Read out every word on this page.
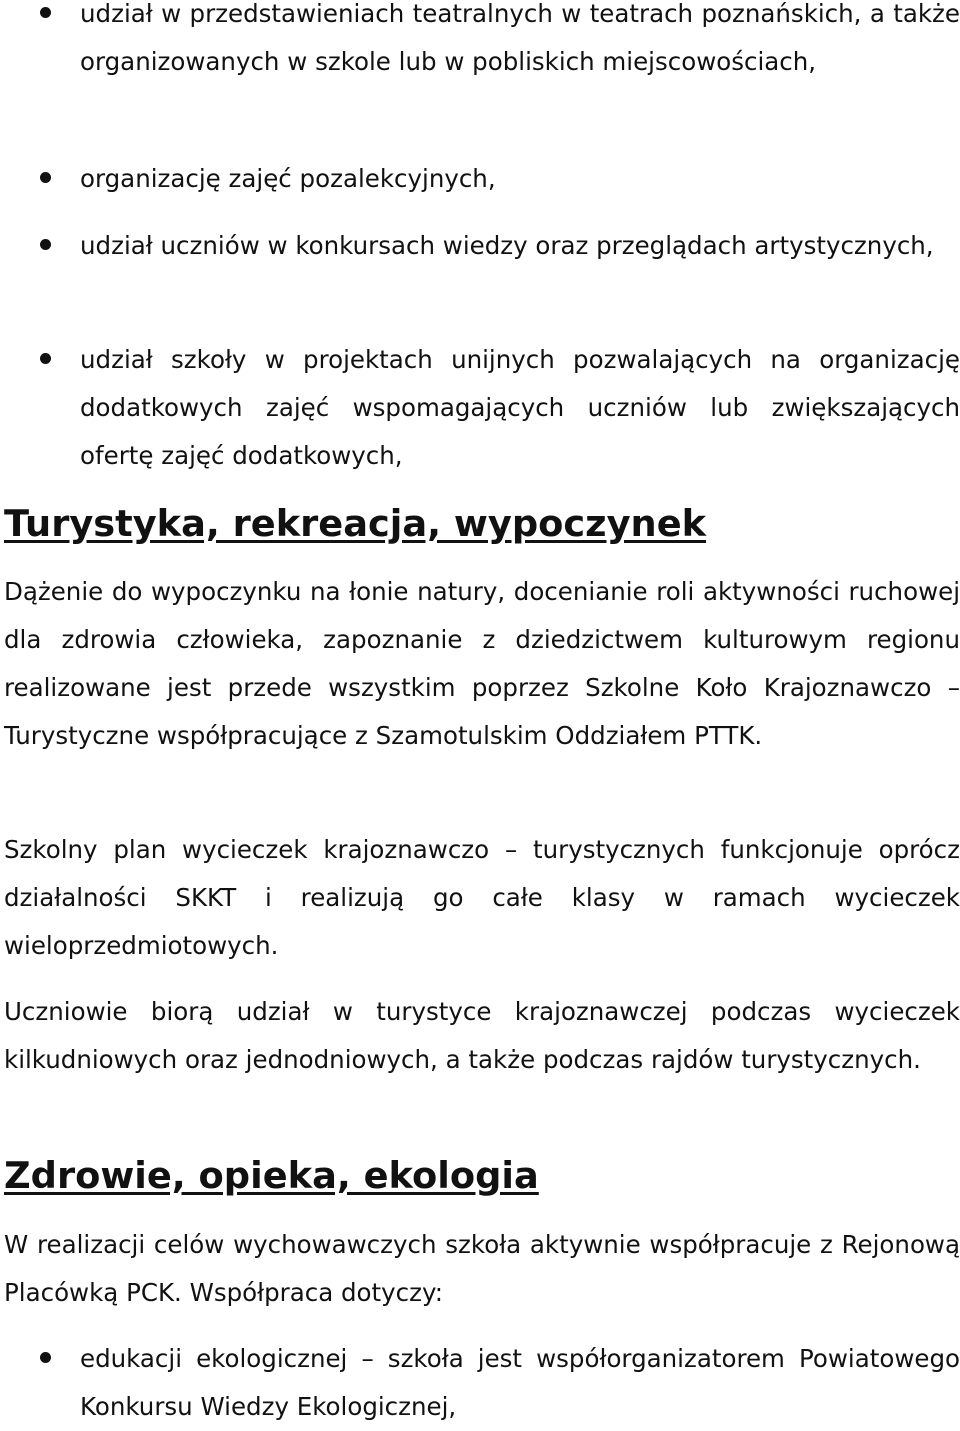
udział w przedstawieniach teatralnych w teatrach poznańskich, a także organizowanych w szkole lub w pobliskich miejscowościach,
organizację zajęć pozalekcyjnych,
udział uczniów w konkursach wiedzy oraz przeglądach artystycznych,
udział szkoły w projektach unijnych pozwalających na organizację dodatkowych zajęć wspomagających uczniów lub zwiększających ofertę zajęć dodatkowych,
Turystyka, rekreacja, wypoczynek

Dążenie do wypoczynku na łonie natury, docenianie roli aktywności ruchowej dla zdrowia człowieka, zapoznanie z dziedzictwem kulturowym regionu realizowane jest przede wszystkim poprzez Szkolne Koło Krajoznawczo – Turystyczne współpracujące z Szamotulskim Oddziałem PTTK.

Szkolny plan wycieczek krajoznawczo – turystycznych funkcjonuje oprócz działalności SKKT i realizują go całe klasy w ramach wycieczek wieloprzedmiotowych.

Uczniowie biorą udział w turystyce krajoznawczej podczas wycieczek kilkudniowych oraz jednodniowych, a także podczas rajdów turystycznych.

Zdrowie, opieka, ekologia

W realizacji celów wychowawczych szkoła aktywnie współpracuje z Rejonową Placówką PCK. Współpraca dotyczy:

edukacji ekologicznej – szkoła jest współorganizatorem Powiatowego Konkursu Wiedzy Ekologicznej,
